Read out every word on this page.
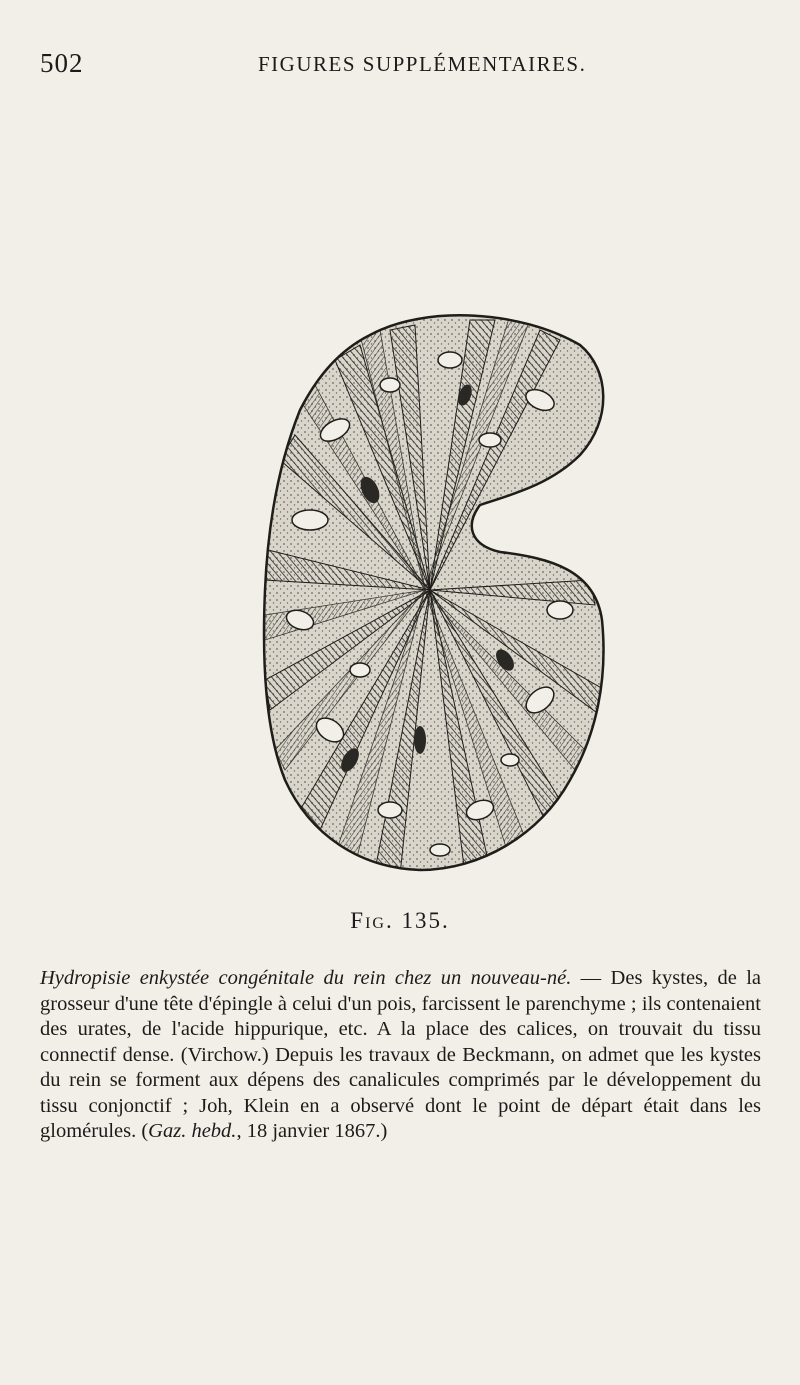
502	FIGURES SUPPLÉMENTAIRES.
Fig. 135.
Hydropisie enkystée congénitale du rein chez un nouveau-né. — Des kystes, de la grosseur d'une tête d'épingle à celui d'un pois, farcissent le parenchyme ; ils contenaient des urates, de l'acide hippurique, etc. A la place des calices, on trouvait du tissu connectif dense. (Virchow.) Depuis les travaux de Beckmann, on admet que les kystes du rein se forment aux dépens des canalicules comprimés par le développement du tissu conjonctif ; Joh, Klein en a observé dont le point de départ était dans les glomérules. (Gaz. hebd., 18 janvier 1867.)
